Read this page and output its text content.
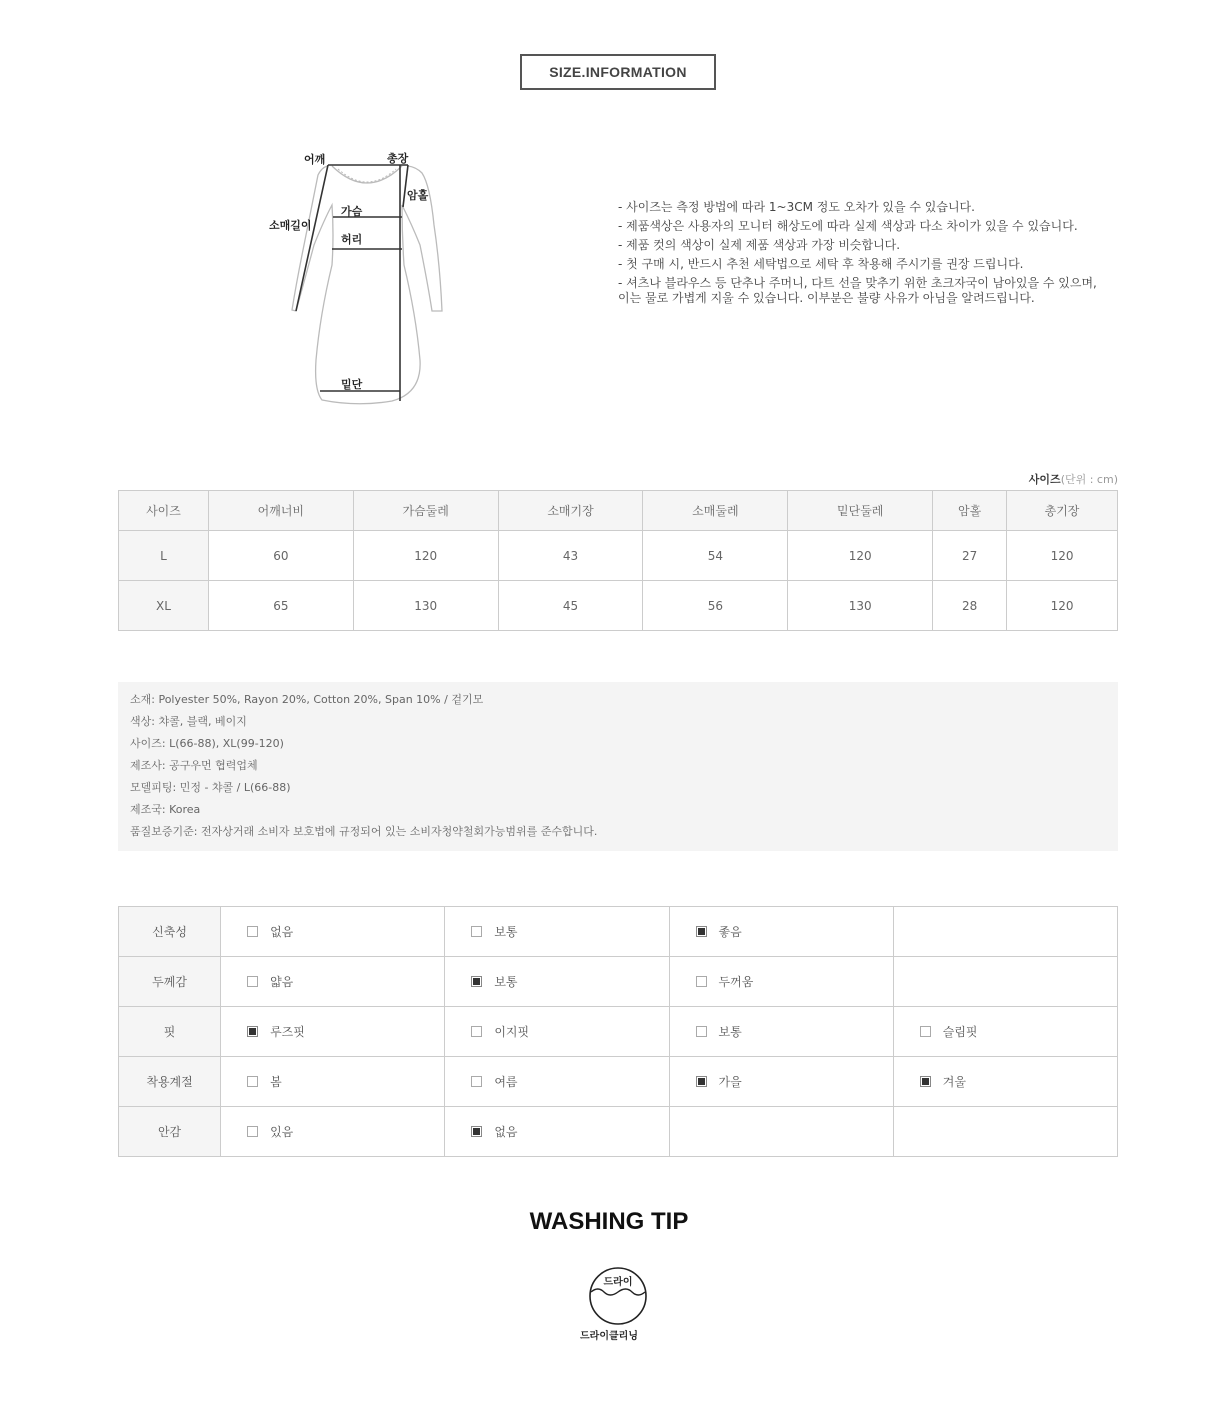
SIZE.INFORMATION
어깨	총장
암홀
소매길이
가슴
허리
밑단
- 사이즈는 측정 방법에 따라 1~3CM 정도 오차가 있을 수 있습니다.
- 제품색상은 사용자의 모니터 해상도에 따라 실제 색상과 다소 차이가 있을 수 있습니다.
- 제품 컷의 색상이 실제 제품 색상과 가장 비슷합니다.
- 첫 구매 시, 반드시 추천 세탁법으로 세탁 후 착용해 주시기를 권장 드립니다.
- 셔츠나 블라우스 등 단추나 주머니, 다트 선을 맞추기 위한 초크자국이 남아있을 수 있으며, 이는 물로 가볍게 지울 수 있습니다. 이부분은 불량 사유가 아님을 알려드립니다.
사이즈(단위 : cm)
사이즈	어깨너비	가슴둘레	소매기장	소매둘레	밑단둘레	암홀	총기장
L	60	120	43	54	120	27	120
XL	65	130	45	56	130	28	120
소재: Polyester 50%, Rayon 20%, Cotton 20%, Span 10% / 겉기모
색상: 챠콜, 블랙, 베이지
사이즈: L(66-88), XL(99-120)
제조사: 공구우먼 협력업체
모델피팅: 민정 - 챠콜 / L(66-88)
제조국: Korea
품질보증기준: 전자상거래 소비자 보호법에 규정되어 있는 소비자청약철회가능범위를 준수합니다.
신축성	없음	보통	좋음	
두께감	얇음	보통	두꺼움	
핏	루즈핏	이지핏	보통	슬림핏
착용계절	봄	여름	가을	겨울
안감	있음	없음		
WASHING TIP
드라이
드라이클리닝
